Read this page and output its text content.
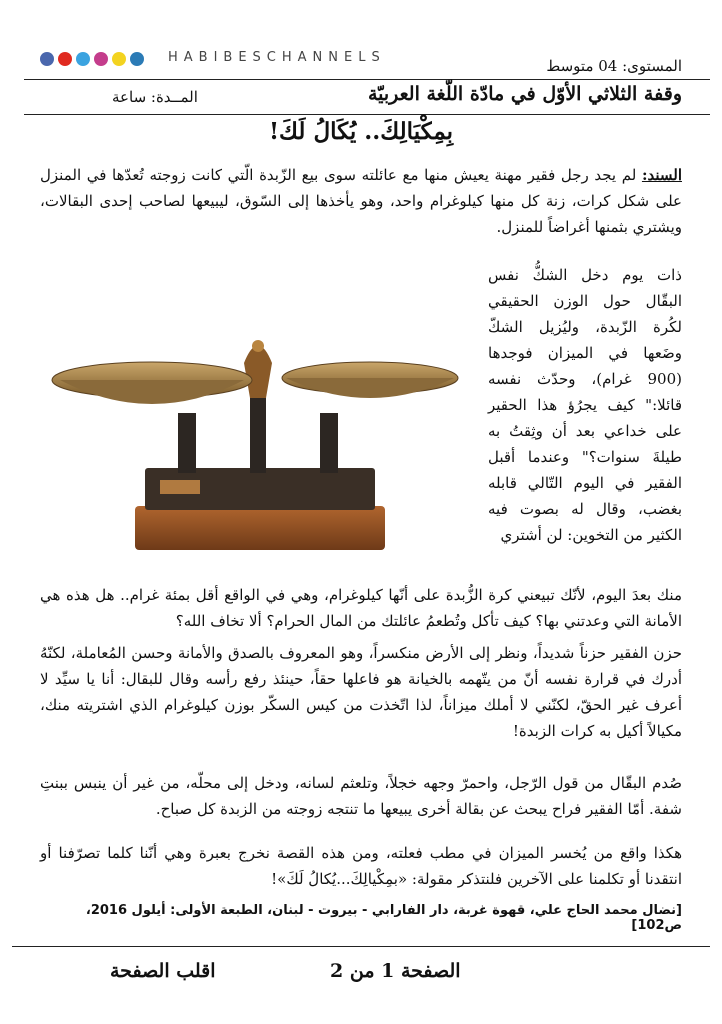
HABIBESCHANNELS	المستوى: 04 متوسط
وقفة الثلاثي الأوّل في مادّة اللّغة العربيّة
المــدة: ساعة
بِمِكْيَالِكَ.. يُكَالُ لَكَ!
السند: لم يجد رجل فقير مهنة يعيش منها مع عائلته سوى بيع الزّبدة الّتي كانت زوجته تُعدّها في المنزل على شكل كرات، زنة كل منها كيلوغرام واحد، وهو يأخذها إلى السّوق، ليبيعها لصاحب إحدى البقالات، ويشتري بثمنها أغراضاً للمنزل.
ذات يوم دخل الشكُّ نفس البقّال حول الوزن الحقيقي لكُرة الزّبدة، وليُزيل الشكّ وضَعها في الميزان فوجدها (900 غرام)، وحدّث نفسه قائلا:" كيف يجرُؤ هذا الحقير على خداعي بعد أن وثِقتُ به طيلةَ سنوات؟" وعندما أقبل الفقير في اليوم التّالي قابله بغضب، وقال له بصوت فيه الكثير من التخوين: لن أشتري
منك بعدَ اليوم، لأنّك تبيعني كرة الزُّبدة على أنّها كيلوغرام، وهي في الواقع أقل بمئة غرام.. هل هذه هي الأمانة التي وعدتني بها؟ كيف تأكل وتُطعمُ عائلتك من المال الحرام؟ ألا تخاف الله؟
حزن الفقير حزناً شديداً، ونظر إلى الأرض منكسراً، وهو المعروف بالصدق والأمانة وحسن المُعاملة، لكنّهُ أدرك في قرارة نفسه أنّ من يتّهمه بالخيانة هو فاعلها حقاً، حينئذ رفع رأسه وقال للبقال: أنا يا سيِّد لا أعرف غير الحقّ، لكنّني لا أملك ميزاناً، لذا اتّخذت من كيس السكّر بوزن كيلوغرام الذي اشتريته منك، مكيالاً أكيل به كرات الزبدة!
صُدم البقّال من قول الرّجل، واحمرّ وجهه خجلاً، وتلعثم لسانه، ودخل إلى محلّه، من غير أن ينبس ببنتِ شفة. أمّا الفقير فراح يبحث عن بقالة أخرى يبيعها ما تنتجه زوجته من الزبدة كل صباح.
هكذا واقع من يُخسر الميزان في مطب فعلته، ومن هذه القصة نخرج بعبرة وهي أنّنا كلما تصرّفنا أو انتقدنا أو تكلمنا على الآخرين فلنتذكر مقولة: «بمِكْيالِكَ...يُكالُ لَكَ»!
[نضال محمد الحاج علي، قهوة غربة، دار الفارابي - بيروت - لبنان، الطبعة الأولى: أيلول 2016، ص102]
الصفحة 1 من 2
اقلب الصفحة
